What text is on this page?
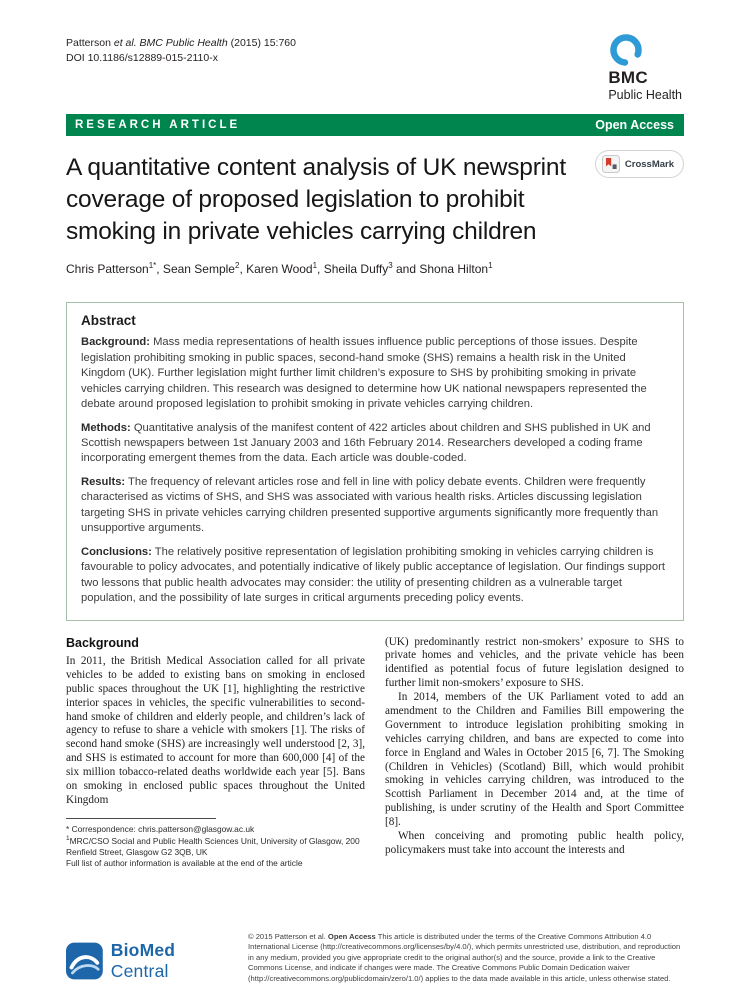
Patterson et al. BMC Public Health (2015) 15:760
DOI 10.1186/s12889-015-2110-x
BMC
Public Health
RESEARCH ARTICLE	Open Access
A quantitative content analysis of UK newsprint coverage of proposed legislation to prohibit smoking in private vehicles carrying children
CrossMark

Chris Patterson$^{1*}$, Sean Semple$^2$, Karen Wood$^1$, Sheila Duffy$^3$ and Shona Hilton$^1$

Abstract

Background: Mass media representations of health issues influence public perceptions of those issues. Despite legislation prohibiting smoking in public spaces, second-hand smoke (SHS) remains a health risk in the United Kingdom (UK). Further legislation might further limit children’s exposure to SHS by prohibiting smoking in private vehicles carrying children. This research was designed to determine how UK national newspapers represented the debate around proposed legislation to prohibit smoking in private vehicles carrying children.

Methods: Quantitative analysis of the manifest content of 422 articles about children and SHS published in UK and Scottish newspapers between 1st January 2003 and 16th February 2014. Researchers developed a coding frame incorporating emergent themes from the data. Each article was double-coded.

Results: The frequency of relevant articles rose and fell in line with policy debate events. Children were frequently characterised as victims of SHS, and SHS was associated with various health risks. Articles discussing legislation targeting SHS in private vehicles carrying children presented supportive arguments significantly more frequently than unsupportive arguments.

Conclusions: The relatively positive representation of legislation prohibiting smoking in vehicles carrying children is favourable to policy advocates, and potentially indicative of likely public acceptance of legislation. Our findings support two lessons that public health advocates may consider: the utility of presenting children as a vulnerable target population, and the possibility of late surges in critical arguments preceding policy events.

Background

In 2011, the British Medical Association called for all private vehicles to be added to existing bans on smoking in enclosed public spaces throughout the UK [1], highlighting the restrictive interior spaces in vehicles, the specific vulnerabilities to second-hand smoke of children and elderly people, and children’s lack of agency to refuse to share a vehicle with smokers [1]. The risks of second hand smoke (SHS) are increasingly well understood [2, 3], and SHS is estimated to account for more than 600,000 [4] of the six million tobacco-related deaths worldwide each year [5]. Bans on smoking in enclosed public spaces throughout the United Kingdom

* Correspondence: chris.patterson@glasgow.ac.uk
$^1$MRC/CSO Social and Public Health Sciences Unit, University of Glasgow, 200 Renfield Street, Glasgow G2 3QB, UK
Full list of author information is available at the end of the article

(UK) predominantly restrict non-smokers’ exposure to SHS to private homes and vehicles, and the private vehicle has been identified as potential focus of future legislation designed to further limit non-smokers’ exposure to SHS.

In 2014, members of the UK Parliament voted to add an amendment to the Children and Families Bill empowering the Government to introduce legislation prohibiting smoking in vehicles carrying children, and bans are expected to come into force in England and Wales in October 2015 [6, 7]. The Smoking (Children in Vehicles) (Scotland) Bill, which would prohibit smoking in vehicles carrying children, was introduced to the Scottish Parliament in December 2014 and, at the time of publishing, is under scrutiny of the Health and Sport Committee [8].

When conceiving and promoting public health policy, policymakers must take into account the interests and

BioMed Central

© 2015 Patterson et al. Open Access This article is distributed under the terms of the Creative Commons Attribution 4.0 International License (http://creativecommons.org/licenses/by/4.0/), which permits unrestricted use, distribution, and reproduction in any medium, provided you give appropriate credit to the original author(s) and the source, provide a link to the Creative Commons License, and indicate if changes were made. The Creative Commons Public Domain Dedication waiver (http://creativecommons.org/publicdomain/zero/1.0/) applies to the data made available in this article, unless otherwise stated.
